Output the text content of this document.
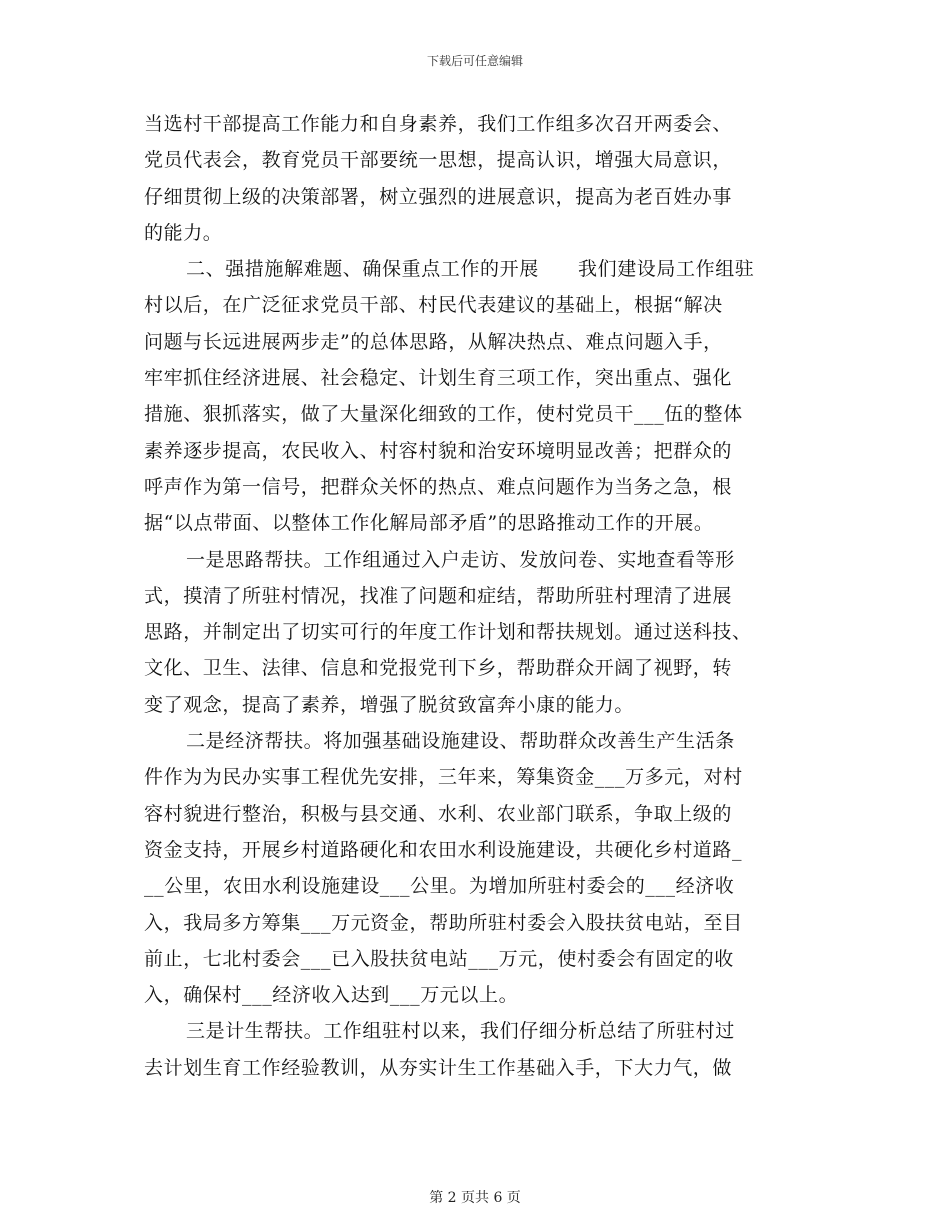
下载后可任意编辑
当选村干部提高工作能力和自身素养，我们工作组多次召开两委会、
党员代表会，教育党员干部要统一思想，提高认识，增强大局意识，
仔细贯彻上级的决策部署，树立强烈的进展意识，提高为老百姓办事
的能力。
二、强措施解难题、确保重点工作的开展　　我们建设局工作组驻
村以后，在广泛征求党员干部、村民代表建议的基础上，根据“解决
问题与长远进展两步走”的总体思路，从解决热点、难点问题入手，
牢牢抓住经济进展、社会稳定、计划生育三项工作，突出重点、强化
措施、狠抓落实，做了大量深化细致的工作，使村党员干___伍的整体
素养逐步提高，农民收入、村容村貌和治安环境明显改善；把群众的
呼声作为第一信号，把群众关怀的热点、难点问题作为当务之急，根
据“以点带面、以整体工作化解局部矛盾”的思路推动工作的开展。
一是思路帮扶。工作组通过入户走访、发放问卷、实地查看等形
式，摸清了所驻村情况，找准了问题和症结，帮助所驻村理清了进展
思路，并制定出了切实可行的年度工作计划和帮扶规划。通过送科技、
文化、卫生、法律、信息和党报党刊下乡，帮助群众开阔了视野，转
变了观念，提高了素养，增强了脱贫致富奔小康的能力。
二是经济帮扶。将加强基础设施建设、帮助群众改善生产生活条
件作为为民办实事工程优先安排，三年来，筹集资金___万多元，对村
容村貌进行整治，积极与县交通、水利、农业部门联系，争取上级的
资金支持，开展乡村道路硬化和农田水利设施建设，共硬化乡村道路_
__公里，农田水利设施建设___公里。为增加所驻村委会的___经济收
入，我局多方筹集___万元资金，帮助所驻村委会入股扶贫电站，至目
前止，七北村委会___已入股扶贫电站___万元，使村委会有固定的收
入，确保村___经济收入达到___万元以上。
三是计生帮扶。工作组驻村以来，我们仔细分析总结了所驻村过
去计划生育工作经验教训，从夯实计生工作基础入手，下大力气，做
第 2 页共 6 页
